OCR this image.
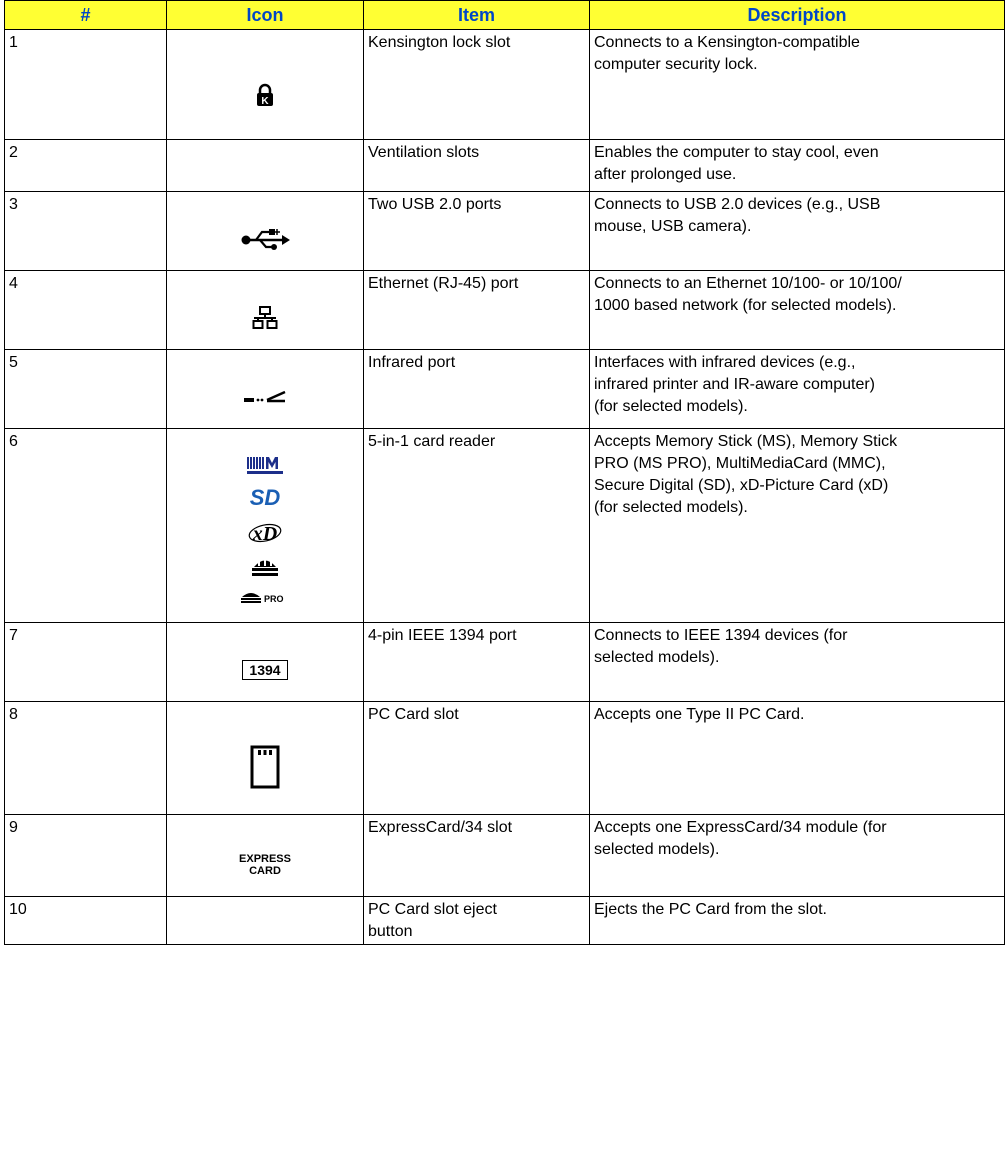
#	Icon	Item	Description
1	K	Kensington lock slot	Connects to a Kensington-compatible
computer security lock.

2		Ventilation slots	Enables the computer to stay cool, even
after prolonged use.

3		Two USB 2.0 ports	Connects to USB 2.0 devices (e.g., USB
mouse, USB camera).

4		Ethernet (RJ-45) port	Connects to an Ethernet 10/100- or 10/100/
1000 based network (for selected models).

5		Infrared port	Interfaces with infrared devices (e.g.,
infrared printer and IR-aware computer)
(for selected models).

6	SD
xD
PRO	5-in-1 card reader	Accepts Memory Stick (MS), Memory Stick
PRO (MS PRO), MultiMediaCard (MMC),
Secure Digital (SD), xD-Picture Card (xD)
(for selected models).

7	1394	4-pin IEEE 1394 port	Connects to IEEE 1394 devices (for
selected models).

8		PC Card slot	Accepts one Type II PC Card.

9	EXPRESS
CARD	ExpressCard/34 slot	Accepts one ExpressCard/34 module (for
selected models).

10		PC Card slot eject
button	Ejects the PC Card from the slot.
